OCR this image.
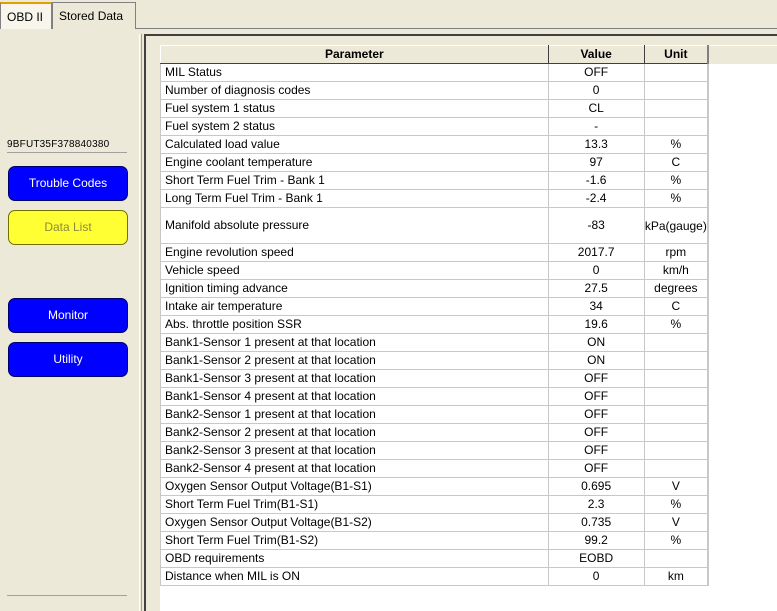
OBD II	Stored Data
9BFUT35F378840380
Trouble Codes
Data List
Monitor
Utility
Parameter	Value	Unit	
MIL Status	OFF		
Number of diagnosis codes	0		
Fuel system 1 status	CL		
Fuel system 2 status	-		
Calculated load value	13.3	%	
Engine coolant temperature	97	C	
Short Term Fuel Trim - Bank 1	-1.6	%	
Long Term Fuel Trim - Bank 1	-2.4	%	
Manifold absolute pressure	-83	kPa(gauge)	
Engine revolution speed	2017.7	rpm	
Vehicle speed	0	km/h	
Ignition timing advance	27.5	degrees	
Intake air temperature	34	C	
Abs. throttle position SSR	19.6	%	
Bank1-Sensor 1 present at that location	ON		
Bank1-Sensor 2 present at that location	ON		
Bank1-Sensor 3 present at that location	OFF		
Bank1-Sensor 4 present at that location	OFF		
Bank2-Sensor 1 present at that location	OFF		
Bank2-Sensor 2 present at that location	OFF		
Bank2-Sensor 3 present at that location	OFF		
Bank2-Sensor 4 present at that location	OFF		
Oxygen Sensor Output Voltage(B1-S1)	0.695	V	
Short Term Fuel Trim(B1-S1)	2.3	%	
Oxygen Sensor Output Voltage(B1-S2)	0.735	V	
Short Term Fuel Trim(B1-S2)	99.2	%	
OBD requirements	EOBD		
Distance when MIL is ON	0	km	
